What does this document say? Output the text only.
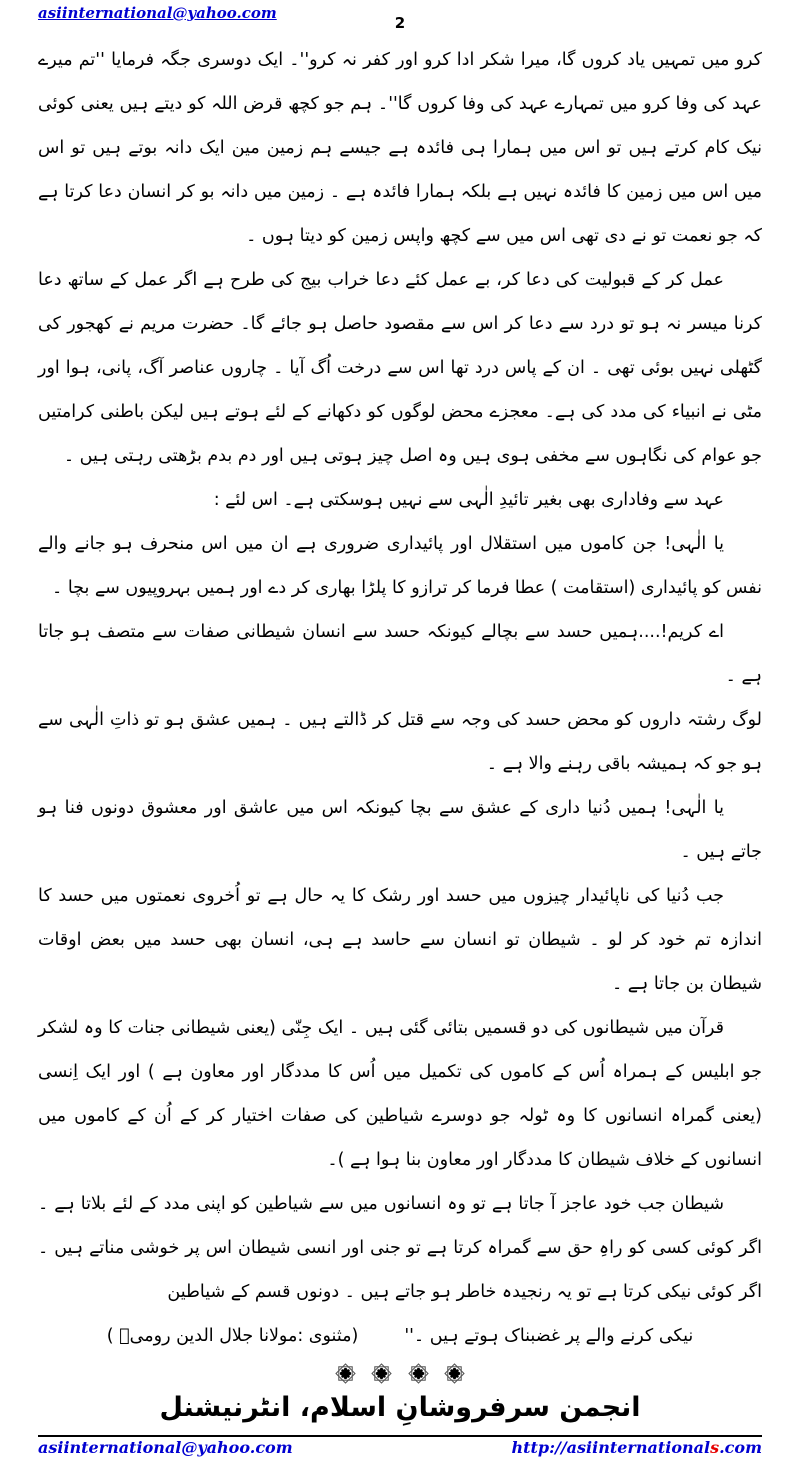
asiinternational@yahoo.com
2

کرو میں تمہیں یاد کروں گا، میرا شکر ادا کرو اور کفر نہ کرو''۔ ایک دوسری جگہ فرمایا ''تم میرے عہد کی وفا کرو میں تمہارے عہد کی وفا کروں گا''۔ ہم جو کچھ قرض اللہ کو دیتے ہیں یعنی کوئی نیک کام کرتے ہیں تو اس میں ہمارا ہی فائدہ ہے جیسے ہم زمین مین ایک دانہ بوتے ہیں تو اس میں اس میں زمین کا فائدہ نہیں ہے بلکہ ہمارا فائدہ ہے ۔ زمین میں دانہ بو کر انسان دعا کرتا ہے کہ جو نعمت تو نے دی تھی اس میں سے کچھ واپس زمین کو دیتا ہوں ۔

عمل کر کے قبولیت کی دعا کر، بے عمل کئے دعا خراب بیج کی طرح ہے اگر عمل کے ساتھ دعا کرنا میسر نہ ہو تو درد سے دعا کر اس سے مقصود حاصل ہو جائے گا۔ حضرت مریم نے کھجور کی گٹھلی نہیں بوئی تھی ۔ ان کے پاس درد تھا اس سے درخت اُگ آیا ۔ چاروں عناصر آگ، پانی، ہوا اور مٹی نے انبیاء کی مدد کی ہے۔ معجزے محض لوگوں کو دکھانے کے لئے ہوتے ہیں لیکن باطنی کرامتیں جو عوام کی نگاہوں سے مخفی ہوی ہیں وہ اصل چیز ہوتی ہیں اور دم بدم بڑھتی رہتی ہیں ۔

عہد سے وفاداری بھی بغیر تائیدِ الٰہی سے نہیں ہوسکتی ہے۔ اس لئے :

یا الٰہی! جن کاموں میں استقلال اور پائیداری ضروری ہے ان میں اس منحرف ہو جانے والے نفس کو پائیداری (استقامت ) عطا فرما کر ترازو کا پلڑا بھاری کر دے اور ہمیں بہروپیوں سے بچا ۔

اے کریم!....ہمیں حسد سے بچالے کیونکہ حسد سے انسان شیطانی صفات سے متصف ہو جاتا ہے ۔

لوگ رشتہ داروں کو محض حسد کی وجہ سے قتل کر ڈالتے ہیں ۔ ہمیں عشق ہو تو ذاتِ الٰہی سے ہو جو کہ ہمیشہ باقی رہنے والا ہے ۔

یا الٰہی! ہمیں دُنیا داری کے عشق سے بچا کیونکہ اس میں عاشق اور معشوق دونوں فنا ہو جاتے ہیں ۔

جب دُنیا کی ناپائیدار چیزوں میں حسد اور رشک کا یہ حال ہے تو اُخروی نعمتوں میں حسد کا اندازہ تم خود کر لو ۔ شیطان تو انسان سے حاسد ہے ہی، انسان بھی حسد میں بعض اوقات شیطان بن جاتا ہے ۔

قرآن میں شیطانوں کی دو قسمیں بتائی گئی ہیں ۔ ایک جِنّی (یعنی شیطانی جنات کا وہ لشکر جو ابلیس کے ہمراہ اُس کے کاموں کی تکمیل میں اُس کا مددگار اور معاون ہے ) اور ایک اِنسی (یعنی گمراہ انسانوں کا وہ ٹولہ جو دوسرے شیاطین کی صفات اختیار کر کے اُن کے کاموں میں انسانوں کے خلاف شیطان کا مددگار اور معاون بنا ہوا ہے )۔

شیطان جب خود عاجز آ جاتا ہے تو وہ انسانوں میں سے شیاطین کو اپنی مدد کے لئے بلاتا ہے ۔ اگر کوئی کسی کو راہِ حق سے گمراہ کرتا ہے تو جنی اور انسی شیطان اس پر خوشی مناتے ہیں ۔ اگر کوئی نیکی کرتا ہے تو یہ رنجیدہ خاطر ہو جاتے ہیں ۔ دونوں قسم کے شیاطین

نیکی کرنے والے پر غضبناک ہوتے ہیں ۔''(مثنوی :مولانا جلال الدین رومیؒ )

انجمن سرفروشانِ اسلام، انٹرنیشنل
asiinternational@yahoo.com	http://asiinternationals.com
